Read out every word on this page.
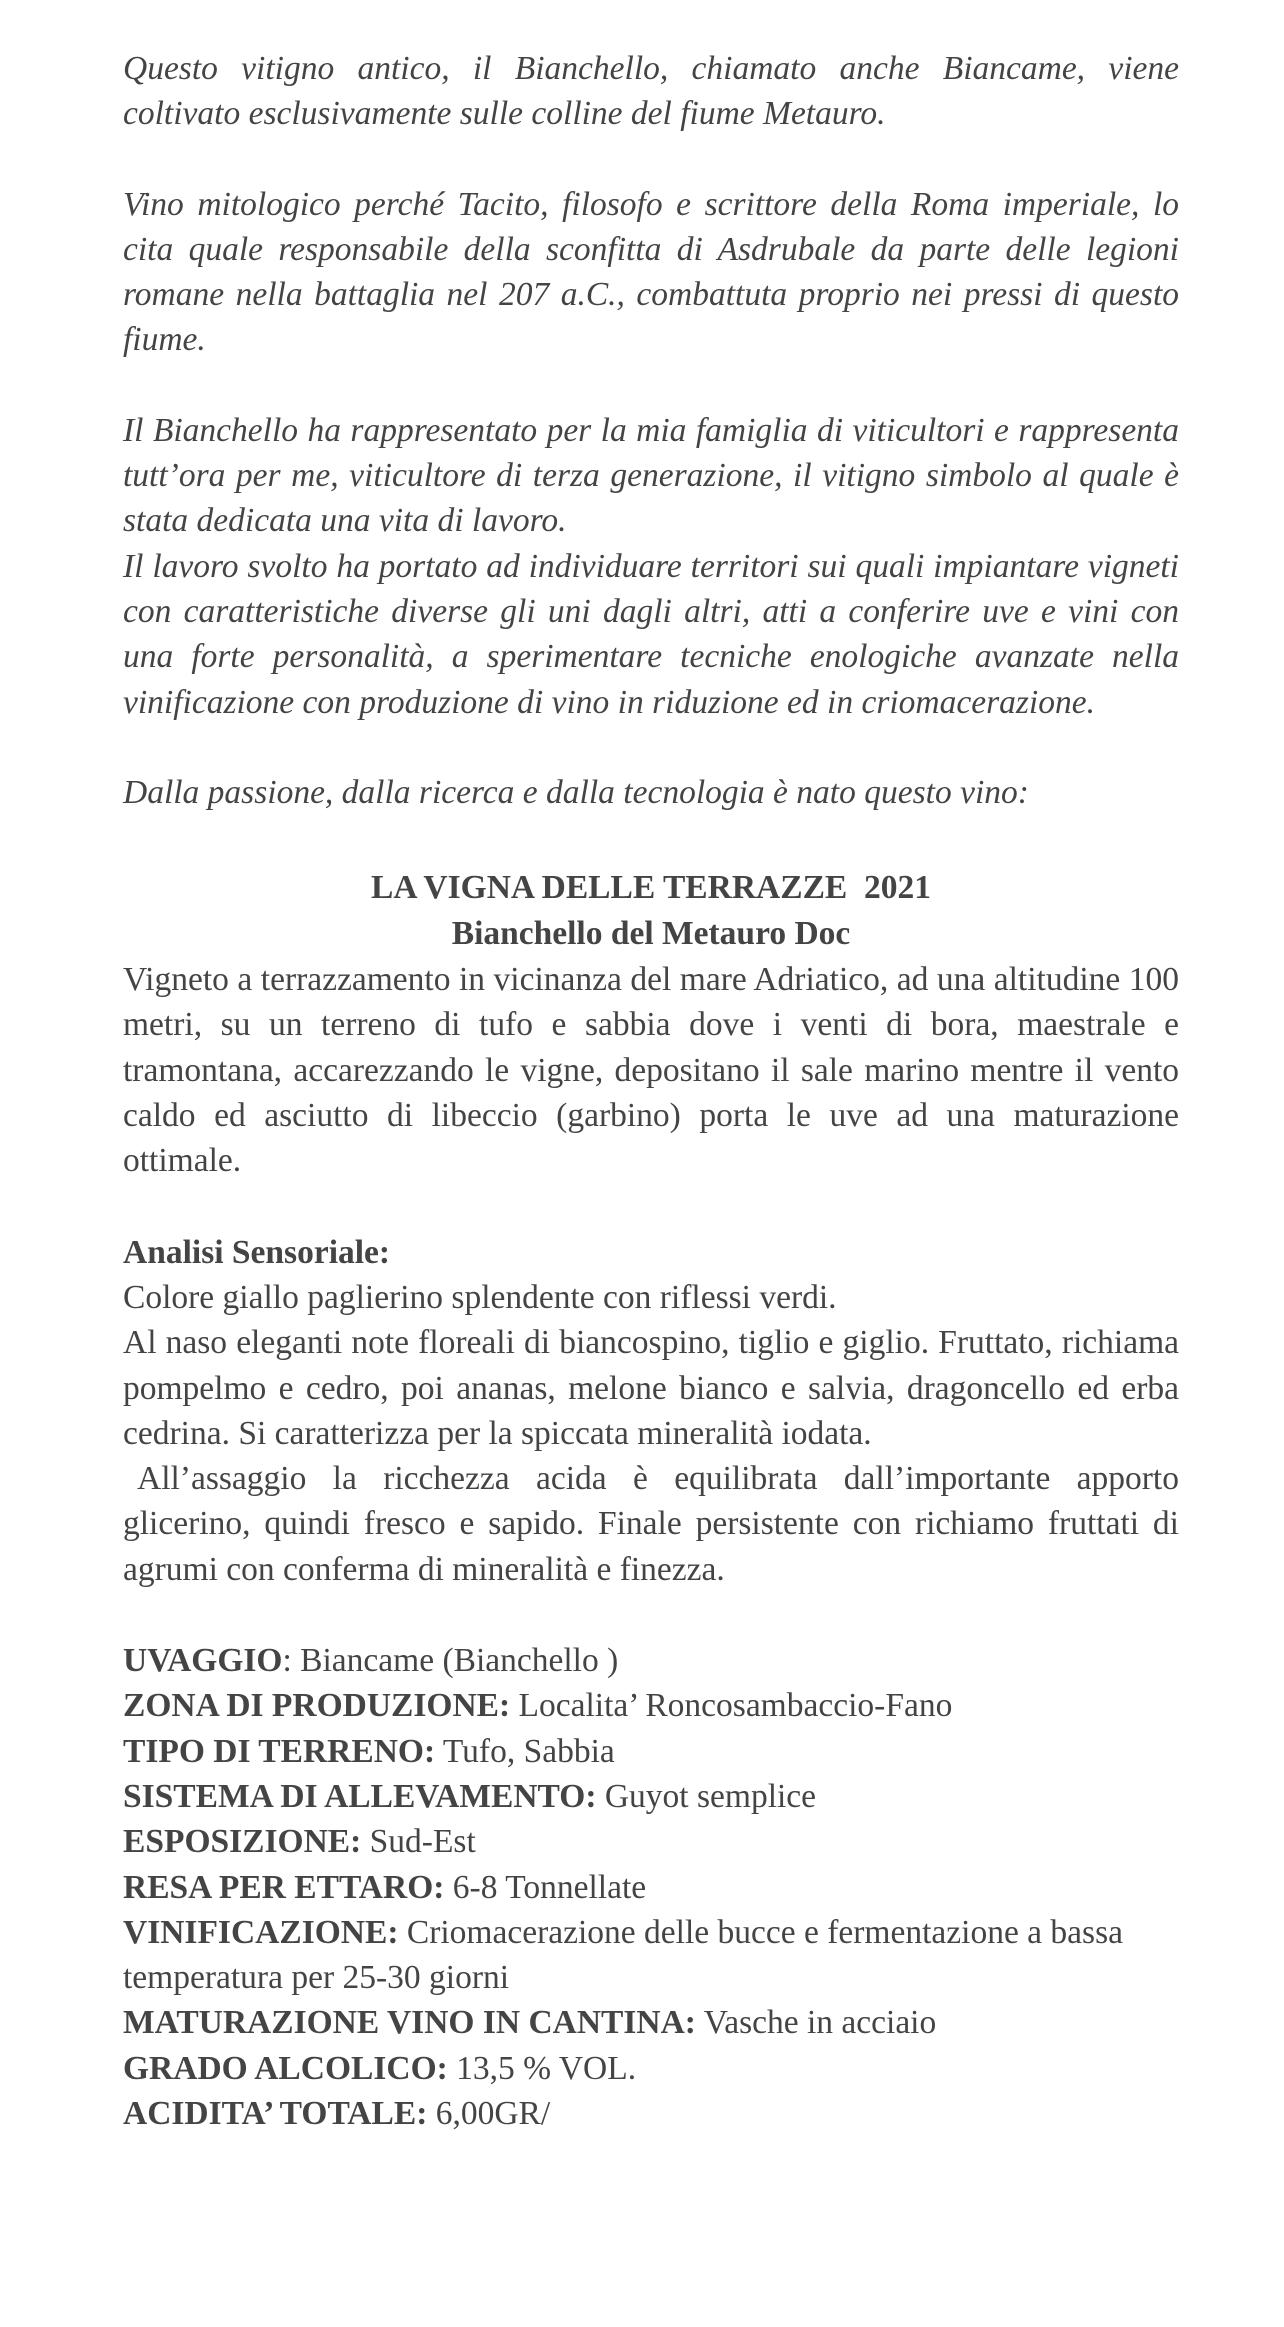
Questo vitigno antico, il Bianchello, chiamato anche Biancame, viene coltivato esclusivamente sulle colline del fiume Metauro.

Vino mitologico perché Tacito, filosofo e scrittore della Roma imperiale, lo cita quale responsabile della sconfitta di Asdrubale da parte delle legioni romane nella battaglia nel 207 a.C., combattuta proprio nei pressi di questo fiume.

Il Bianchello ha rappresentato per la mia famiglia di viticultori e rappresenta tutt’ora per me, viticultore di terza generazione, il vitigno simbolo al quale è stata dedicata una vita di lavoro.

Il lavoro svolto ha portato ad individuare territori sui quali impiantare vigneti con caratteristiche diverse gli uni dagli altri, atti a conferire uve e vini con una forte personalità, a sperimentare tecniche enologiche avanzate nella vinificazione con produzione di vino in riduzione ed in criomacerazione.

Dalla passione, dalla ricerca e dalla tecnologia è nato questo vino:

LA VIGNA DELLE TERRAZZE  2021
Bianchello del Metauro Doc

Vigneto a terrazzamento in vicinanza del mare Adriatico, ad una altitudine 100 metri, su un terreno di tufo e sabbia dove i venti di bora, maestrale e tramontana, accarezzando le vigne, depositano il sale marino mentre il vento caldo ed asciutto di libeccio (garbino) porta le uve ad una maturazione ottimale.

Analisi Sensoriale:

Colore giallo paglierino splendente con riflessi verdi.

Al naso eleganti note floreali di biancospino, tiglio e giglio. Fruttato, richiama pompelmo e cedro, poi ananas, melone bianco e salvia, dragoncello ed erba cedrina. Si caratterizza per la spiccata mineralità iodata.

All’assaggio la ricchezza acida è equilibrata dall’importante apporto glicerino, quindi fresco e sapido. Finale persistente con richiamo fruttati di agrumi con conferma di mineralità e finezza.

UVAGGIO: Biancame (Bianchello )

ZONA DI PRODUZIONE: Localita’ Roncosambaccio-Fano

TIPO DI TERRENO: Tufo, Sabbia

SISTEMA DI ALLEVAMENTO: Guyot semplice

ESPOSIZIONE: Sud-Est

RESA PER ETTARO: 6-8 Tonnellate

VINIFICAZIONE: Criomacerazione delle bucce e fermentazione a bassa temperatura per 25-30 giorni

MATURAZIONE VINO IN CANTINA: Vasche in acciaio

GRADO ALCOLICO: 13,5 % VOL.

ACIDITA’ TOTALE: 6,00GR/
